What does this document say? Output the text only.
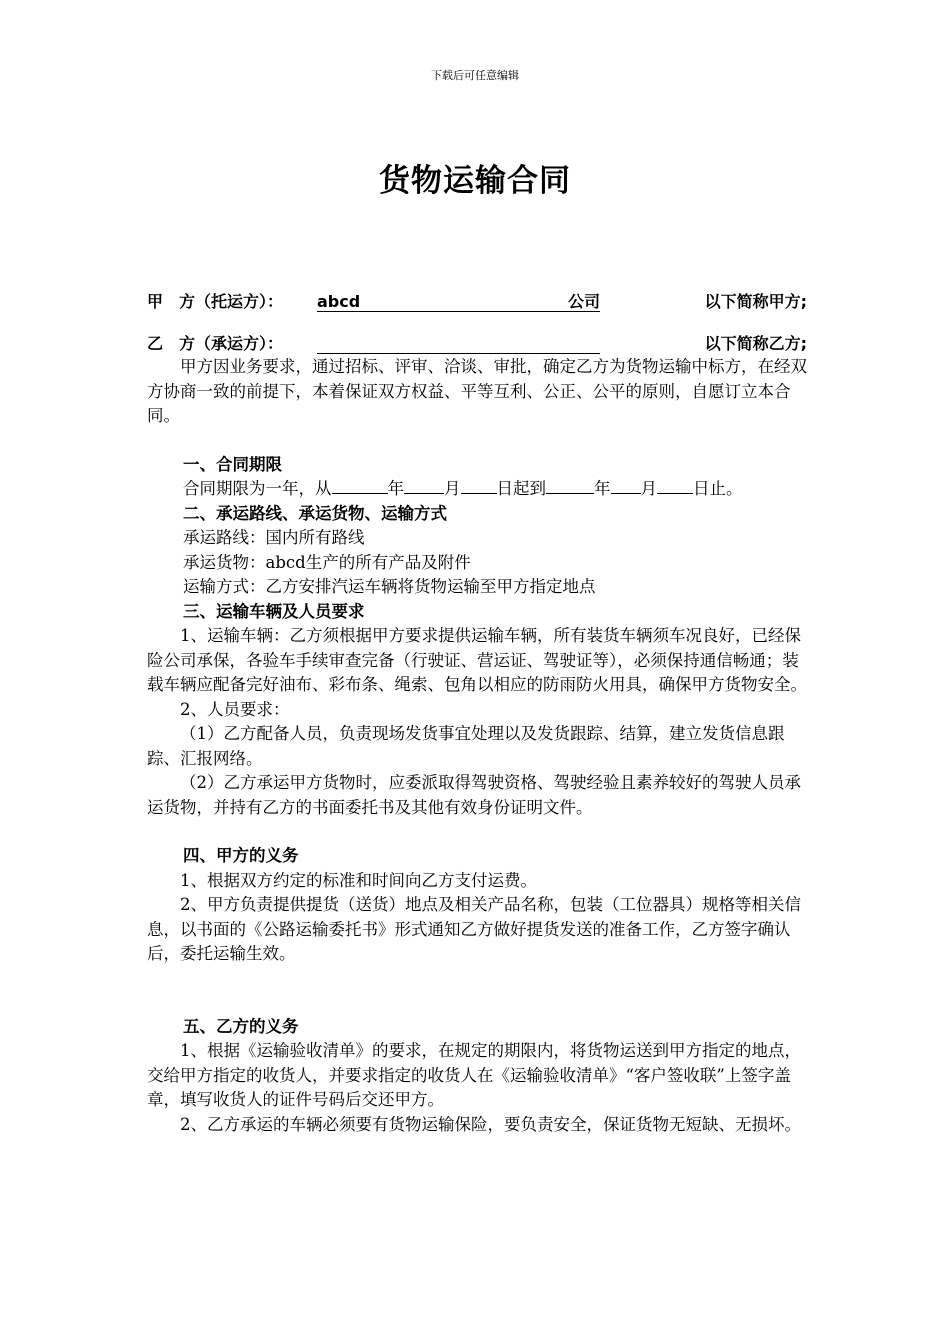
下载后可任意编辑
货物运输合同
甲　方（托运方）： abcd	公司	以下简称甲方;
乙　方（承运方）：	以下简称乙方;

甲方因业务要求，通过招标、评审、洽谈、审批，确定乙方为货物运输中标方，在经双方协商一致的前提下，本着保证双方权益、平等互利、公正、公平的原则，自愿订立本合同。

一、合同期限

合同期限为一年，从	年 月 日起到	年 月 日止。

二、承运路线、承运货物、运输方式

承运路线：国内所有路线

承运货物：abcd生产的所有产品及附件

运输方式：乙方安排汽运车辆将货物运输至甲方指定地点

三、运输车辆及人员要求

1、运输车辆：乙方须根据甲方要求提供运输车辆，所有装货车辆须车况良好，已经保险公司承保，各验车手续审查完备（行驶证、营运证、驾驶证等），必须保持通信畅通；装载车辆应配备完好油布、彩布条、绳索、包角以相应的防雨防火用具，确保甲方货物安全。

2、人员要求：

（1）乙方配备人员，负责现场发货事宜处理以及发货跟踪、结算，建立发货信息跟踪、汇报网络。

（2）乙方承运甲方货物时，应委派取得驾驶资格、驾驶经验且素养较好的驾驶人员承运货物，并持有乙方的书面委托书及其他有效身份证明文件。

四、甲方的义务

1、根据双方约定的标准和时间向乙方支付运费。

2、甲方负责提供提货（送货）地点及相关产品名称，包装（工位器具）规格等相关信息，以书面的《公路运输委托书》形式通知乙方做好提货发送的准备工作，乙方签字确认后，委托运输生效。

五、乙方的义务

1、根据《运输验收清单》的要求，在规定的期限内，将货物运送到甲方指定的地点，交给甲方指定的收货人，并要求指定的收货人在《运输验收清单》“客户签收联”上签字盖章，填写收货人的证件号码后交还甲方。

2、乙方承运的车辆必须要有货物运输保险，要负责安全，保证货物无短缺、无损坏。
